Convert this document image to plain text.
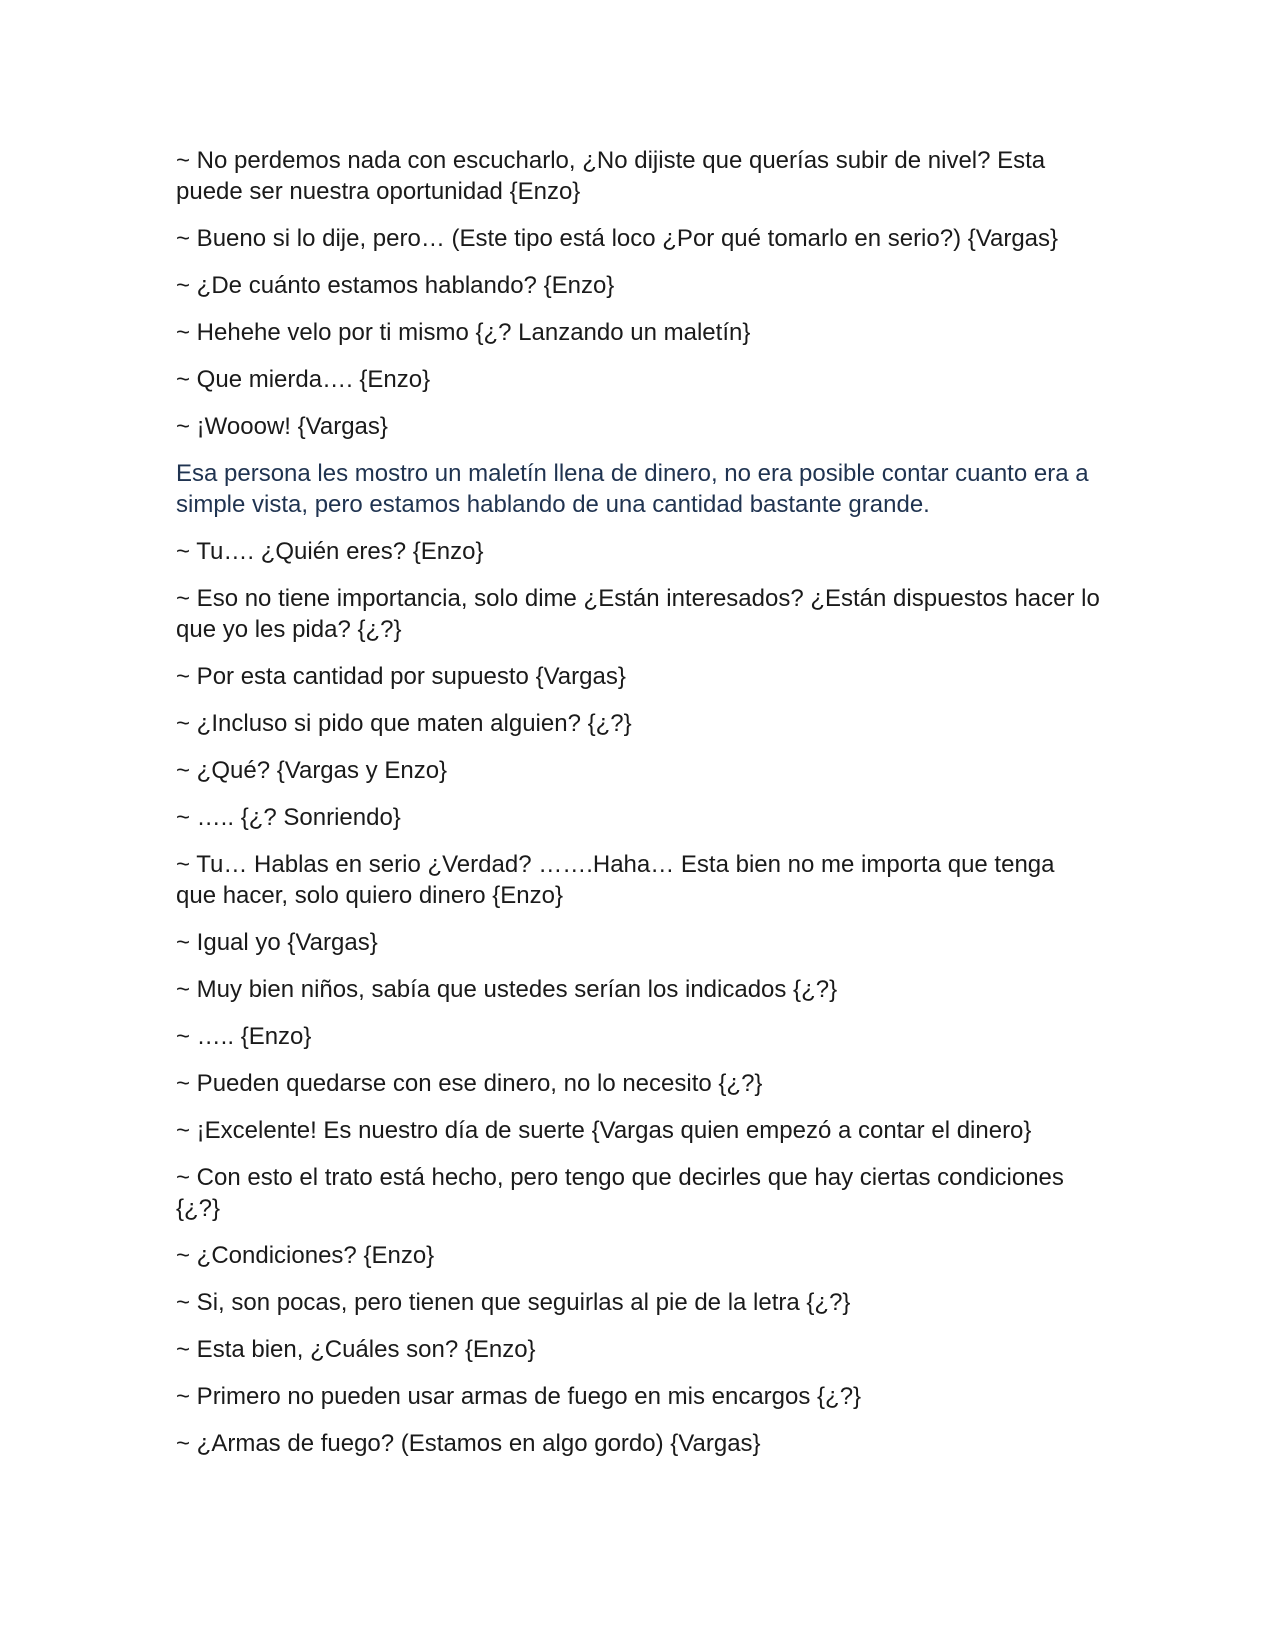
~ No perdemos nada con escucharlo, ¿No dijiste que querías subir de nivel? Esta puede ser nuestra oportunidad {Enzo}

~ Bueno si lo dije, pero… (Este tipo está loco ¿Por qué tomarlo en serio?) {Vargas}

~ ¿De cuánto estamos hablando? {Enzo}

~ Hehehe velo por ti mismo {¿? Lanzando un maletín}

~ Que mierda…. {Enzo}

~ ¡Wooow! {Vargas}

Esa persona les mostro un maletín llena de dinero, no era posible contar cuanto era a simple vista, pero estamos hablando de una cantidad bastante grande.

~ Tu…. ¿Quién eres? {Enzo}

~ Eso no tiene importancia, solo dime ¿Están interesados? ¿Están dispuestos hacer lo que yo les pida? {¿?}

~ Por esta cantidad por supuesto {Vargas}

~ ¿Incluso si pido que maten alguien? {¿?}

~ ¿Qué? {Vargas y Enzo}

~ ….. {¿? Sonriendo}

~ Tu… Hablas en serio ¿Verdad? …….Haha… Esta bien no me importa que tenga que hacer, solo quiero dinero {Enzo}

~ Igual yo {Vargas}

~ Muy bien niños, sabía que ustedes serían los indicados {¿?}

~ ….. {Enzo}

~ Pueden quedarse con ese dinero, no lo necesito {¿?}

~ ¡Excelente! Es nuestro día de suerte {Vargas quien empezó a contar el dinero}

~ Con esto el trato está hecho, pero tengo que decirles que hay ciertas condiciones {¿?}

~ ¿Condiciones? {Enzo}

~ Si, son pocas, pero tienen que seguirlas al pie de la letra {¿?}

~ Esta bien, ¿Cuáles son? {Enzo}

~ Primero no pueden usar armas de fuego en mis encargos {¿?}

~ ¿Armas de fuego? (Estamos en algo gordo) {Vargas}
